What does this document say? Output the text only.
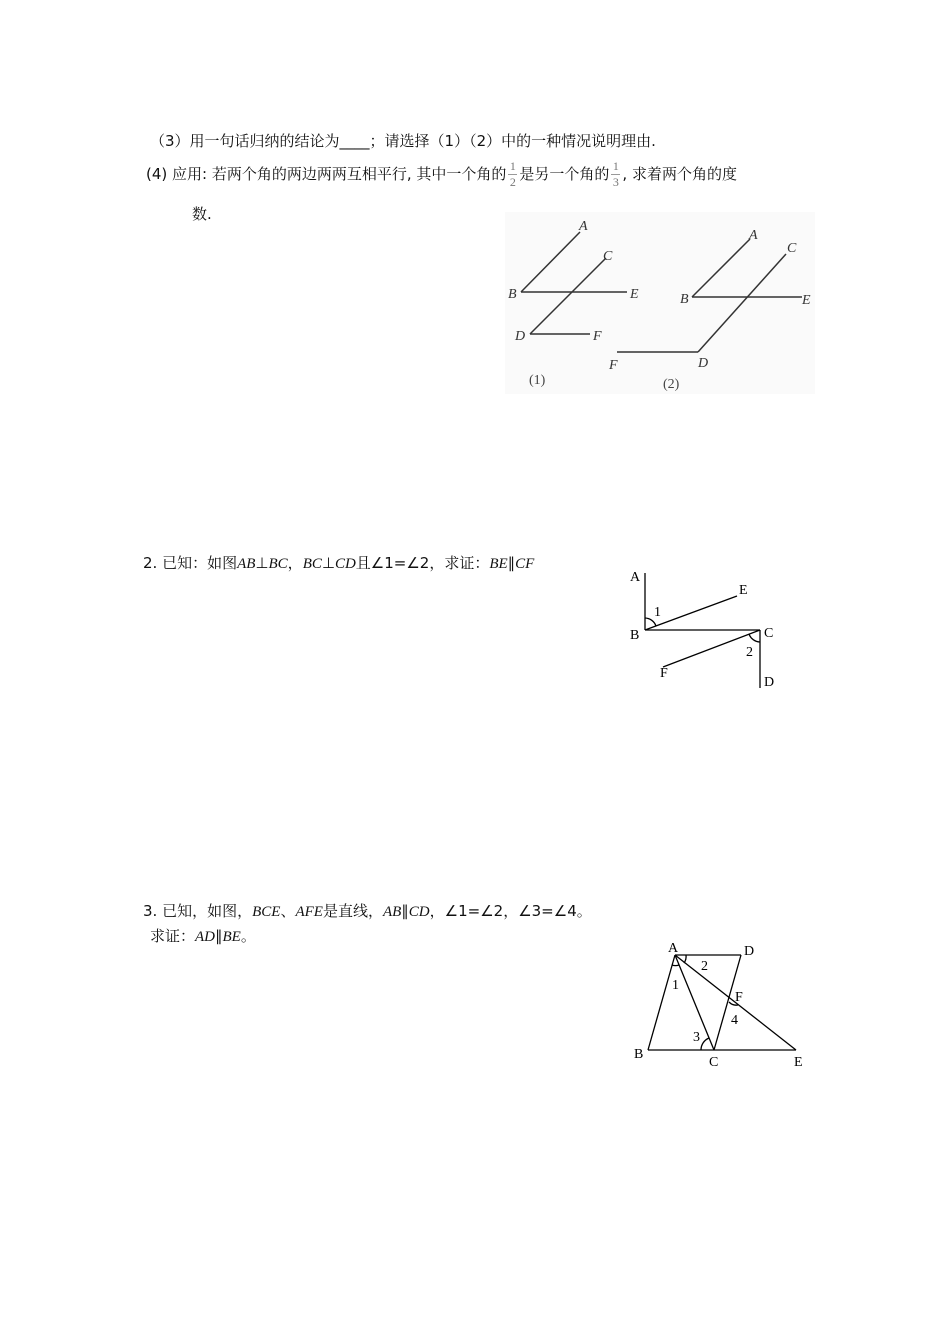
（3）用一句话归纳的结论为____；请选择（1）（2）中的一种情况说明理由.
(4) 应用: 若两个角的两边两两互相平行, 其中一个角的 $\frac{1}{2}$ 是另一个角的 $\frac{1}{3}$ , 求着两个角的度
数.
A
B
C
E
D	F
A
B
C
E
F	D
(1)	(2)
2. 已知：如图AB⊥BC，BC⊥CD且∠1=∠2，求证：BE∥CF
A
E
1
B	C
2
F
D
3. 已知，如图，BCE、AFE是直线，AB∥CD，∠1=∠2，∠3=∠4。
求证：AD∥BE。
A	D
2
1
F
4
3
B
C	E
